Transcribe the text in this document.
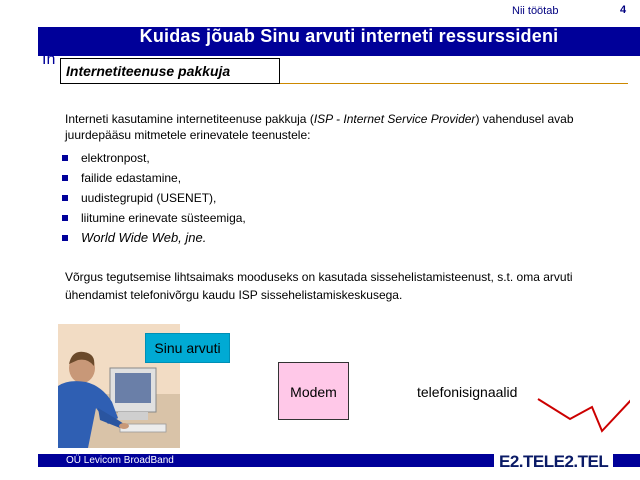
Nii töötab	4
Kuidas jõuab Sinu arvuti interneti ressurssideni
In
Internetiteenuse pakkuja
Interneti kasutamine internetiteenuse pakkuja (ISP - Internet Service Provider) vahendusel avab juurdepääsu mitmetele erinevatele teenustele:
elektronpost,
failide edastamine,
uudistegrupid (USENET),
liitumine erinevate süsteemiga,
World Wide Web, jne.
Võrgus tegutsemise lihtsaimaks mooduseks on kasutada sissehelistamisteenust, s.t. oma arvuti ühendamist telefonivõrgu kaudu ISP sissehelistamiskeskusega.
Sinu arvuti
Modem	telefonisignaalid
OÜ Levicom BroadBand	E2.TELE2.TEL
